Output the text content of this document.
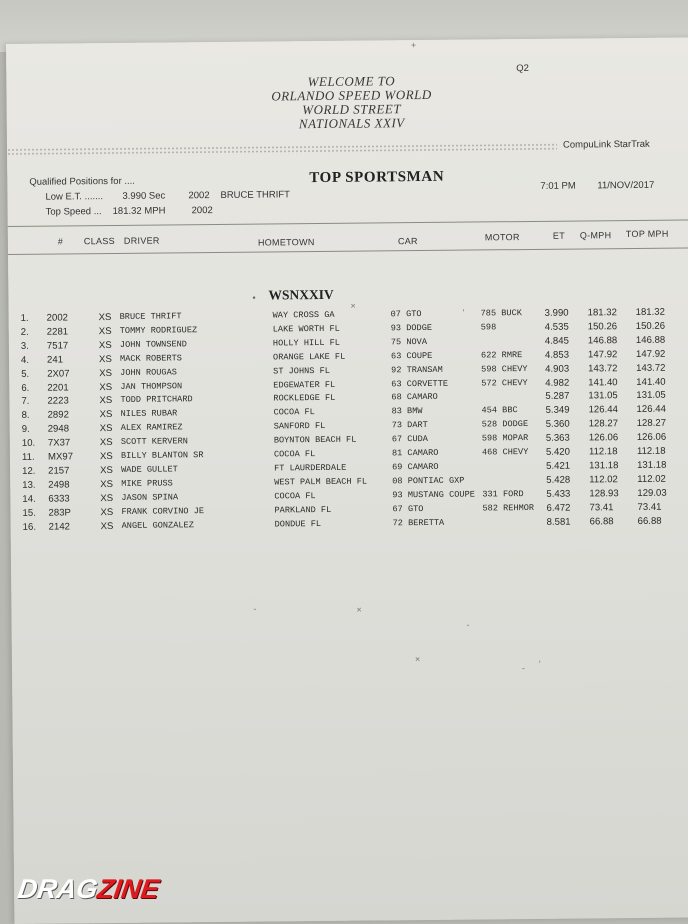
WELCOME TO
ORLANDO SPEED WORLD
WORLD STREET
NATIONALS XXIV
Q2
CompuLink StarTrak
Qualified Positions for ....
Low E.T. ....... 3.990 Sec 2002 BRUCE THRIFT
Top Speed ... 181.32 MPH	2002
TOP SPORTSMAN
7:01 PM 11/NOV/2017
# CLASS DRIVER	HOMETOWN	CAR	MOTOR	ET Q-MPH TOP MPH
WSNXXIV
•
1. 2002	XS BRUCE THRIFT	WAY CROSS GA	07 GTO	785 BUCK 3.990 181.32 181.32
2. 2281	XS TOMMY RODRIGUEZ	LAKE WORTH FL	93 DODGE	598	4.535 150.26 150.26
3. 7517	XS JOHN TOWNSEND	HOLLY HILL FL	75 NOVA	4.845 146.88 146.88
4. 241	XS MACK ROBERTS	ORANGE LAKE FL	63 COUPE	622 RMRE 4.853 147.92 147.92
5. 2X07	XS JOHN ROUGAS	ST JOHNS FL	92 TRANSAM	598 CHEVY 4.903 143.72 143.72
6. 2201	XS JAN THOMPSON	EDGEWATER FL	63 CORVETTE	572 CHEVY 4.982 141.40 141.40
7. 2223	XS TODD PRITCHARD	ROCKLEDGE FL	68 CAMARO	5.287 131.05 131.05
8. 2892	XS NILES RUBAR	COCOA FL	83 BMW	454 BBC	5.349 126.44 126.44
9. 2948	XS ALEX RAMIREZ	SANFORD FL	73 DART	528 DODGE 5.360 128.27 128.27
10. 7X37	XS SCOTT KERVERN	BOYNTON BEACH FL	67 CUDA	598 MOPAR 5.363 126.06 126.06
11. MX97	XS BILLY BLANTON SR	COCOA FL	81 CAMARO	468 CHEVY 5.420 112.18 112.18
12. 2157	XS WADE GULLET	FT LAURDERDALE	69 CAMARO	5.421 131.18 131.18
13. 2498	XS MIKE PRUSS	WEST PALM BEACH FL	08 PONTIAC GXP	5.428 112.02 112.02
14. 6333	XS JASON SPINA	COCOA FL	93 MUSTANG COUPE 331 FORD 5.433 128.93 129.03
15. 283P	XS FRANK CORVINO JE	PARKLAND FL	67 GTO	582 REHMOR 6.472 73.41 73.41
16. 2142	XS ANGEL GONZALEZ	DONDUE FL	72 BERETTA	8.581 66.88 66.88
×
'
+
×
-
×
- '
-
DRAGZINE
